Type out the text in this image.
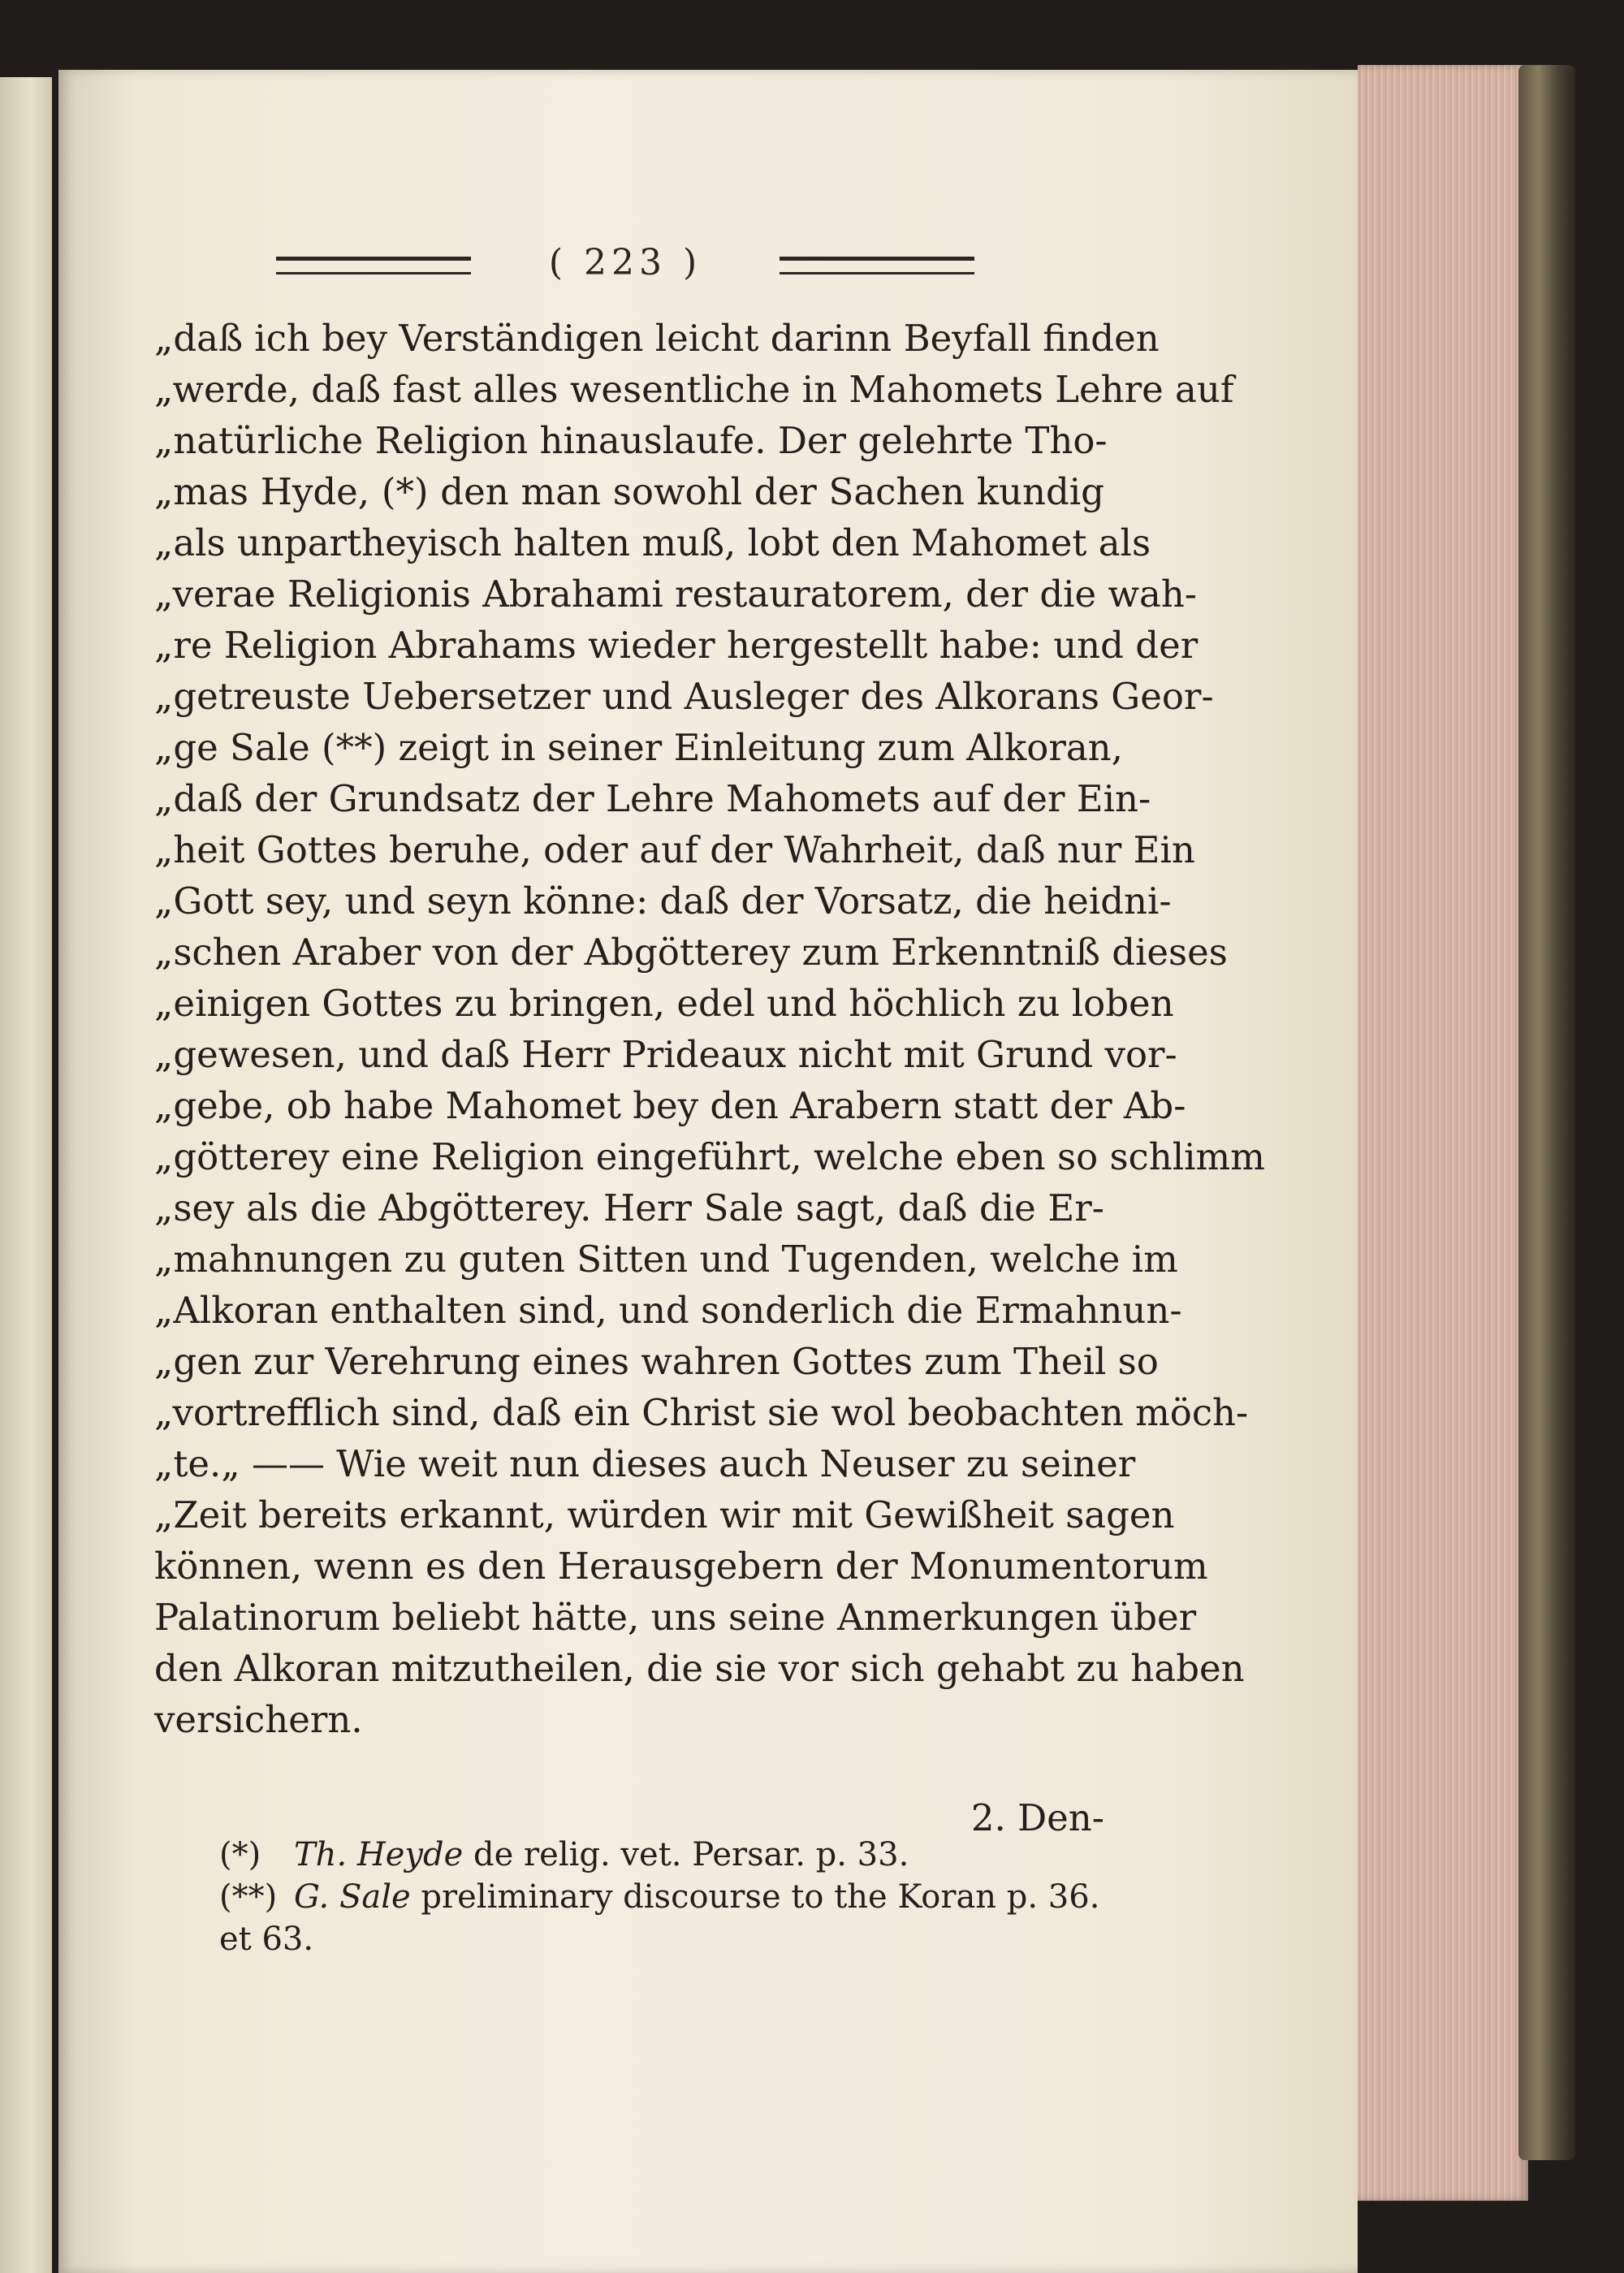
( 223 )
„daß ich bey Verständigen leicht darinn Beyfall finden
„werde, daß fast alles wesentliche in Mahomets Lehre auf
„natürliche Religion hinauslaufe. Der gelehrte Tho-
„mas Hyde, (*) den man sowohl der Sachen kundig
„als unpartheyisch halten muß, lobt den Mahomet als
„verae Religionis Abrahami restauratorem, der die wah-
„re Religion Abrahams wieder hergestellt habe: und der
„getreuste Uebersetzer und Ausleger des Alkorans Geor-
„ge Sale (**) zeigt in seiner Einleitung zum Alkoran,
„daß der Grundsatz der Lehre Mahomets auf der Ein-
„heit Gottes beruhe, oder auf der Wahrheit, daß nur Ein
„Gott sey, und seyn könne: daß der Vorsatz, die heidni-
„schen Araber von der Abgötterey zum Erkenntniß dieses
„einigen Gottes zu bringen, edel und höchlich zu loben
„gewesen, und daß Herr Prideaux nicht mit Grund vor-
„gebe, ob habe Mahomet bey den Arabern statt der Ab-
„götterey eine Religion eingeführt, welche eben so schlimm
„sey als die Abgötterey. Herr Sale sagt, daß die Er-
„mahnungen zu guten Sitten und Tugenden, welche im
„Alkoran enthalten sind, und sonderlich die Ermahnun-
„gen zur Verehrung eines wahren Gottes zum Theil so
„vortrefflich sind, daß ein Christ sie wol beobachten möch-
„te.„ —— Wie weit nun dieses auch Neuser zu seiner
„Zeit bereits erkannt, würden wir mit Gewißheit sagen
können, wenn es den Herausgebern der Monumentorum
Palatinorum beliebt hätte, uns seine Anmerkungen über
den Alkoran mitzutheilen, die sie vor sich gehabt zu haben
versichern.
2. Den-
(*) Th. Heyde de relig. vet. Persar. p. 33.
(**) G. Sale preliminary discourse to the Koran p. 36.
et 63.
